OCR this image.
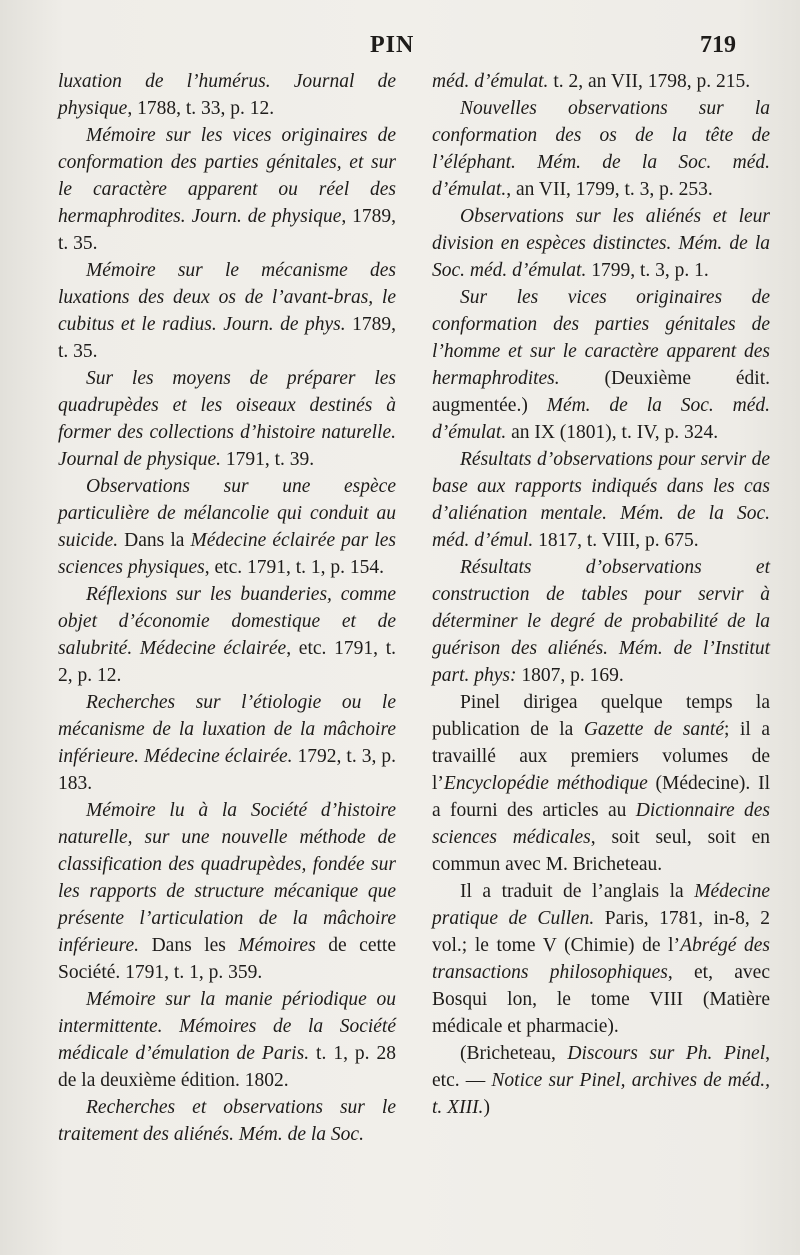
PIN	719

luxation de l’humérus. Journal de physique, 1788, t. 33, p. 12.

Mémoire sur les vices originaires de conformation des parties génitales, et sur le caractère apparent ou réel des hermaphrodites. Journ. de physique, 1789, t. 35.

Mémoire sur le mécanisme des luxations des deux os de l’avant-bras, le cubitus et le radius. Journ. de phys. 1789, t. 35.

Sur les moyens de préparer les quadrupèdes et les oiseaux destinés à former des collections d’histoire naturelle. Journal de physique. 1791, t. 39.

Observations sur une espèce particulière de mélancolie qui conduit au suicide. Dans la Médecine éclairée par les sciences physiques, etc. 1791, t. 1, p. 154.

Réflexions sur les buanderies, comme objet d’économie domestique et de salubrité. Médecine éclairée, etc. 1791, t. 2, p. 12.

Recherches sur l’étiologie ou le mécanisme de la luxation de la mâchoire inférieure. Médecine éclairée. 1792, t. 3, p. 183.

Mémoire lu à la Société d’histoire naturelle, sur une nouvelle méthode de classification des quadrupèdes, fondée sur les rapports de structure mécanique que présente l’articulation de la mâchoire inférieure. Dans les Mémoires de cette Société. 1791, t. 1, p. 359.

Mémoire sur la manie périodique ou intermittente. Mémoires de la Société médicale d’émulation de Paris. t. 1, p. 28 de la deuxième édition. 1802.

Recherches et observations sur le traitement des aliénés. Mém. de la Soc.

méd. d’émulat. t. 2, an VII, 1798, p. 215.

Nouvelles observations sur la conformation des os de la tête de l’éléphant. Mém. de la Soc. méd. d’émulat., an VII, 1799, t. 3, p. 253.

Observations sur les aliénés et leur division en espèces distinctes. Mém. de la Soc. méd. d’émulat. 1799, t. 3, p. 1.

Sur les vices originaires de conformation des parties génitales de l’homme et sur le caractère apparent des hermaphrodites. (Deuxième édit. augmentée.) Mém. de la Soc. méd. d’émulat. an IX (1801), t. IV, p. 324.

Résultats d’observations pour servir de base aux rapports indiqués dans les cas d’aliénation mentale. Mém. de la Soc. méd. d’émul. 1817, t. VIII, p. 675.

Résultats d’observations et construction de tables pour servir à déterminer le degré de probabilité de la guérison des aliénés. Mém. de l’Institut part. phys: 1807, p. 169.

Pinel dirigea quelque temps la publication de la Gazette de santé; il a travaillé aux premiers volumes de l’Encyclopédie méthodique (Médecine). Il a fourni des articles au Dictionnaire des sciences médicales, soit seul, soit en commun avec M. Bricheteau.

Il a traduit de l’anglais la Médecine pratique de Cullen. Paris, 1781, in-8, 2 vol.; le tome V (Chimie) de l’Abrégé des transactions philosophiques, et, avec Bosqui lon, le tome VIII (Matière médicale et pharmacie).

(Bricheteau, Discours sur Ph. Pinel, etc. — Notice sur Pinel, archives de méd., t. XIII.)
